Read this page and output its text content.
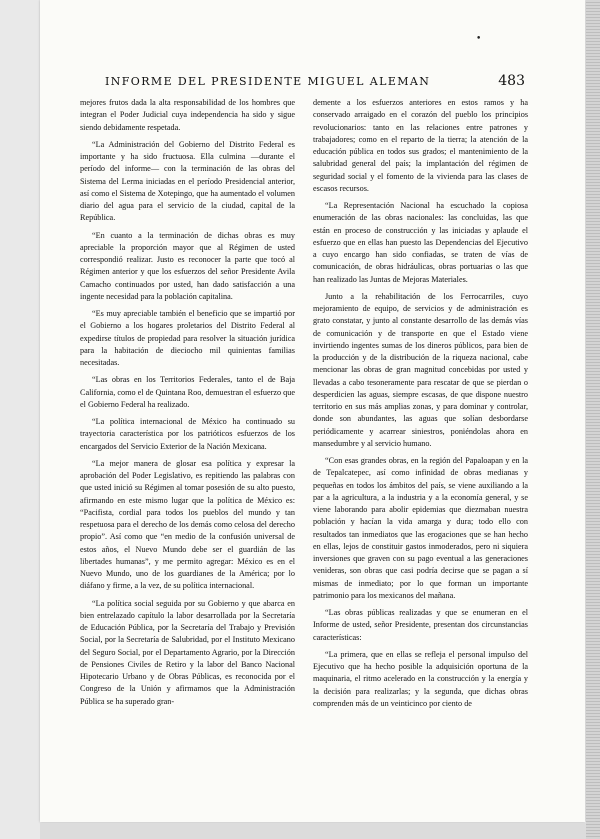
•
INFORME DEL PRESIDENTE MIGUEL ALEMAN	483

mejores frutos dada la alta responsabilidad de los hombres que integran el Poder Judicial cuya independencia ha sido y sigue siendo debidamente respetada.

“La Administración del Gobierno del Distrito Federal es importante y ha sido fructuosa. Ella culmina —durante el período del informe— con la terminación de las obras del Sistema del Lerma iniciadas en el período Presidencial anterior, así como el Sistema de Xotepingo, que ha aumentado el volumen diario del agua para el servicio de la ciudad, capital de la República.

“En cuanto a la terminación de dichas obras es muy apreciable la proporción mayor que al Régimen de usted correspondió realizar. Justo es reconocer la parte que tocó al Régimen anterior y que los esfuerzos del señor Presidente Avila Camacho continuados por usted, han dado satisfacción a una ingente necesidad para la población capitalina.

“Es muy apreciable también el beneficio que se impartió por el Gobierno a los hogares proletarios del Distrito Federal al expedirse títulos de propiedad para resolver la situación jurídica para la habitación de dieciocho mil quinientas familias necesitadas.

“Las obras en los Territorios Federales, tanto el de Baja California, como el de Quintana Roo, demuestran el esfuerzo que el Gobierno Federal ha realizado.

“La política internacional de México ha continuado su trayectoria característica por los patrióticos esfuerzos de los encargados del Servicio Exterior de la Nación Mexicana.

“La mejor manera de glosar esa política y expresar la aprobación del Poder Legislativo, es repitiendo las palabras con que usted inició su Régimen al tomar posesión de su alto puesto, afirmando en este mismo lugar que la política de México es: “Pacifista, cordial para todos los pueblos del mundo y tan respetuosa para el derecho de los demás como celosa del derecho propio”. Así como que “en medio de la confusión universal de estos años, el Nuevo Mundo debe ser el guardián de las libertades humanas”, y me permito agregar: México es en el Nuevo Mundo, uno de los guardianes de la América; por lo diáfano y firme, a la vez, de su política internacional.

“La política social seguida por su Gobierno y que abarca en bien entrelazado capítulo la labor desarrollada por la Secretaría de Educación Pública, por la Secretaría del Trabajo y Previsión Social, por la Secretaría de Salubridad, por el Instituto Mexicano del Seguro Social, por el Departamento Agrario, por la Dirección de Pensiones Civiles de Retiro y la labor del Banco Nacional Hipotecario Urbano y de Obras Públicas, es reconocida por el Congreso de la Unión y afirmamos que la Administración Pública se ha superado gran-

demente a los esfuerzos anteriores en estos ramos y ha conservado arraigado en el corazón del pueblo los principios revolucionarios: tanto en las relaciones entre patrones y trabajadores; como en el reparto de la tierra; la atención de la educación pública en todos sus grados; el mantenimiento de la salubridad general del país; la implantación del régimen de seguridad social y el fomento de la vivienda para las clases de escasos recursos.

“La Representación Nacional ha escuchado la copiosa enumeración de las obras nacionales: las concluidas, las que están en proceso de construcción y las iniciadas y aplaude el esfuerzo que en ellas han puesto las Dependencias del Ejecutivo a cuyo encargo han sido confiadas, se traten de vías de comunicación, de obras hidráulicas, obras portuarias o las que han realizado las Juntas de Mejoras Materiales.

Junto a la rehabilitación de los Ferrocarriles, cuyo mejoramiento de equipo, de servicios y de administración es grato constatar, y junto al constante desarrollo de las demás vías de comunicación y de transporte en que el Estado viene invirtiendo ingentes sumas de los dineros públicos, para bien de la producción y de la distribución de la riqueza nacional, cabe mencionar las obras de gran magnitud concebidas por usted y llevadas a cabo tesoneramente para rescatar de que se pierdan o desperdicien las aguas, siempre escasas, de que dispone nuestro territorio en sus más amplias zonas, y para dominar y controlar, donde son abundantes, las aguas que solían desbordarse periódicamente y acarrear siniestros, poniéndolas ahora en mansedumbre y al servicio humano.

“Con esas grandes obras, en la región del Papaloapan y en la de Tepalcatepec, así como infinidad de obras medianas y pequeñas en todos los ámbitos del país, se viene auxiliando a la par a la agricultura, a la industria y a la economía general, y se viene laborando para abolir epidemias que diezmaban nuestra población y hacían la vida amarga y dura; todo ello con resultados tan inmediatos que las erogaciones que se han hecho en ellas, lejos de constituir gastos inmoderados, pero ni siquiera inversiones que graven con su pago eventual a las generaciones venideras, son obras que casi podría decirse que se pagan a sí mismas de inmediato; por lo que forman un importante patrimonio para los mexicanos del mañana.

“Las obras públicas realizadas y que se enumeran en el Informe de usted, señor Presidente, presentan dos circunstancias características:

“La primera, que en ellas se refleja el personal impulso del Ejecutivo que ha hecho posible la adquisición oportuna de la maquinaria, el ritmo acelerado en la construcción y la energía y la decisión para realizarlas; y la segunda, que dichas obras comprenden más de un veinticinco por ciento de
